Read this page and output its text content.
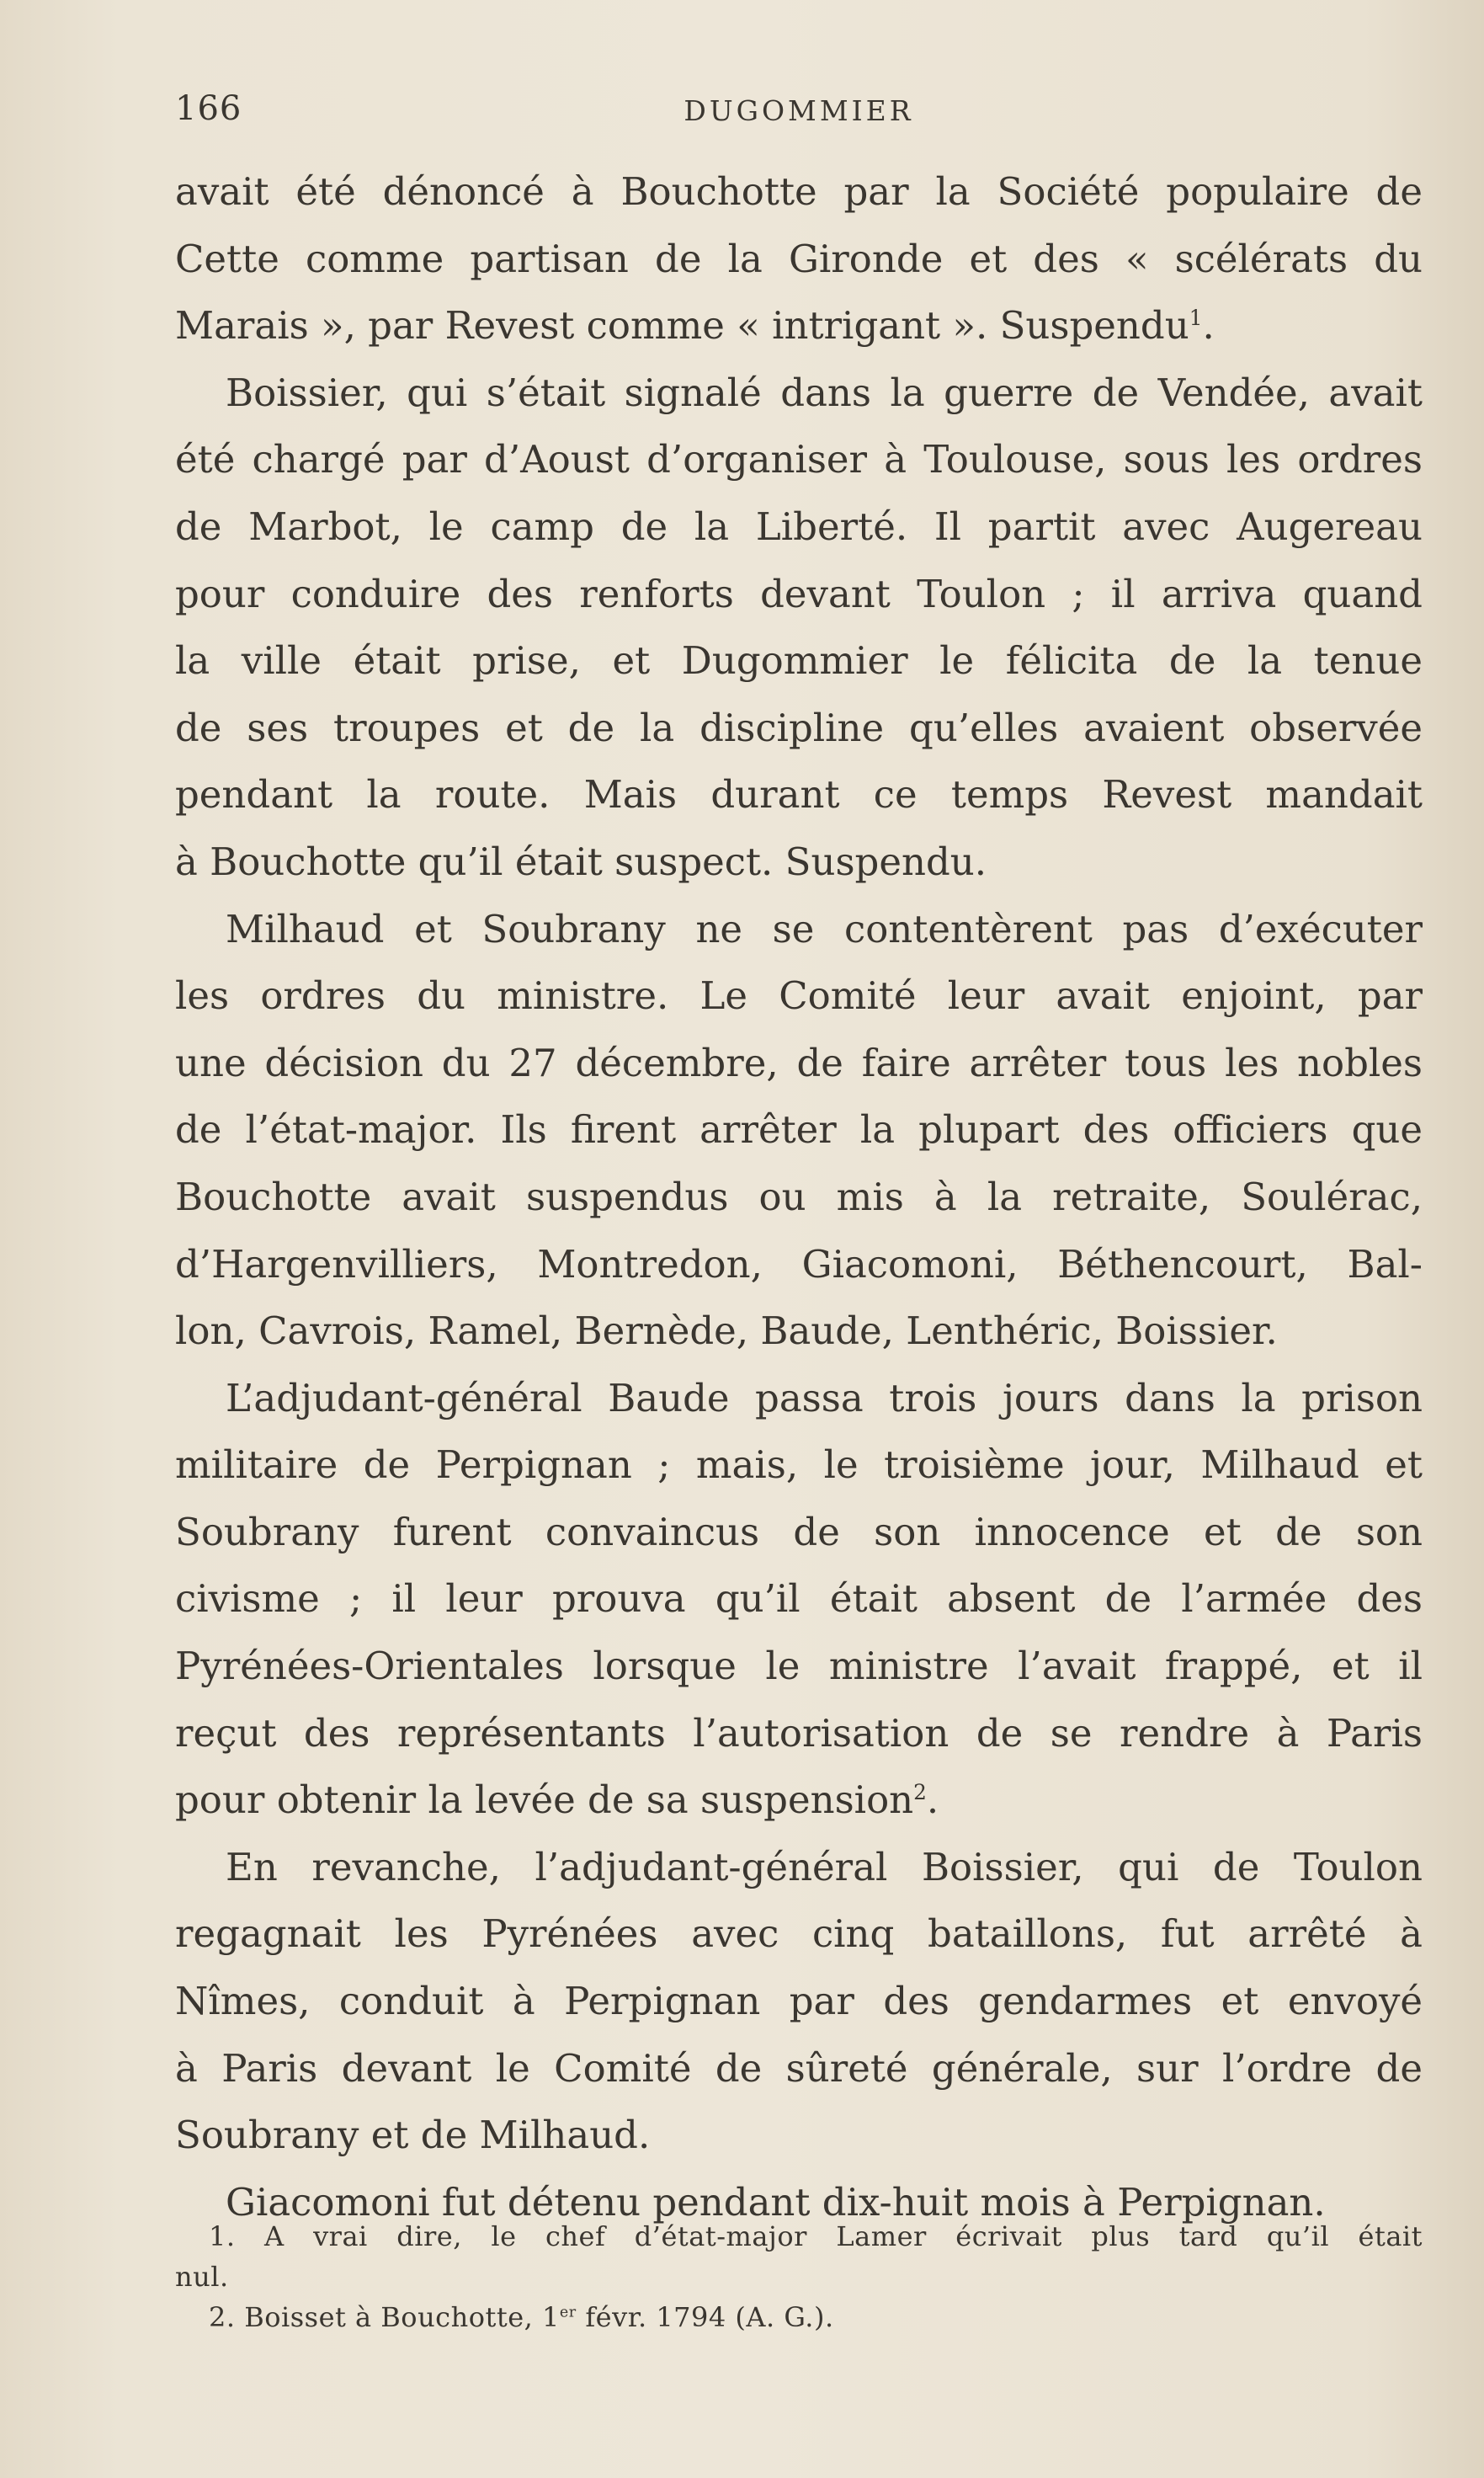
166	DUGOMMIER
avait été dénoncé à Bouchotte par la Société populaire de
Cette comme partisan de la Gironde et des « scélérats du
Marais », par Revest comme « intrigant ». Suspendu$^1$.
Boissier, qui s’était signalé dans la guerre de Vendée, avait
été chargé par d’Aoust d’organiser à Toulouse, sous les ordres
de Marbot, le camp de la Liberté. Il partit avec Augereau
pour conduire des renforts devant Toulon ; il arriva quand
la ville était prise, et Dugommier le félicita de la tenue
de ses troupes et de la discipline qu’elles avaient observée
pendant la route. Mais durant ce temps Revest mandait
à Bouchotte qu’il était suspect. Suspendu.
Milhaud et Soubrany ne se contentèrent pas d’exécuter
les ordres du ministre. Le Comité leur avait enjoint, par
une décision du 27 décembre, de faire arrêter tous les nobles
de l’état-major. Ils firent arrêter la plupart des officiers que
Bouchotte avait suspendus ou mis à la retraite, Soulérac,
d’Hargenvilliers, Montredon, Giacomoni, Béthencourt, Bal-
lon, Cavrois, Ramel, Bernède, Baude, Lenthéric, Boissier.
L’adjudant-général Baude passa trois jours dans la prison
militaire de Perpignan ; mais, le troisième jour, Milhaud et
Soubrany furent convaincus de son innocence et de son
civisme ; il leur prouva qu’il était absent de l’armée des
Pyrénées-Orientales lorsque le ministre l’avait frappé, et il
reçut des représentants l’autorisation de se rendre à Paris
pour obtenir la levée de sa suspension$^2$.
En revanche, l’adjudant-général Boissier, qui de Toulon
regagnait les Pyrénées avec cinq bataillons, fut arrêté à
Nîmes, conduit à Perpignan par des gendarmes et envoyé
à Paris devant le Comité de sûreté générale, sur l’ordre de
Soubrany et de Milhaud.
Giacomoni fut détenu pendant dix-huit mois à Perpignan.
1. A vrai dire, le chef d’état-major Lamer écrivait plus tard qu’il était
nul.
2. Boisset à Bouchotte, 1er févr. 1794 (A. G.).
